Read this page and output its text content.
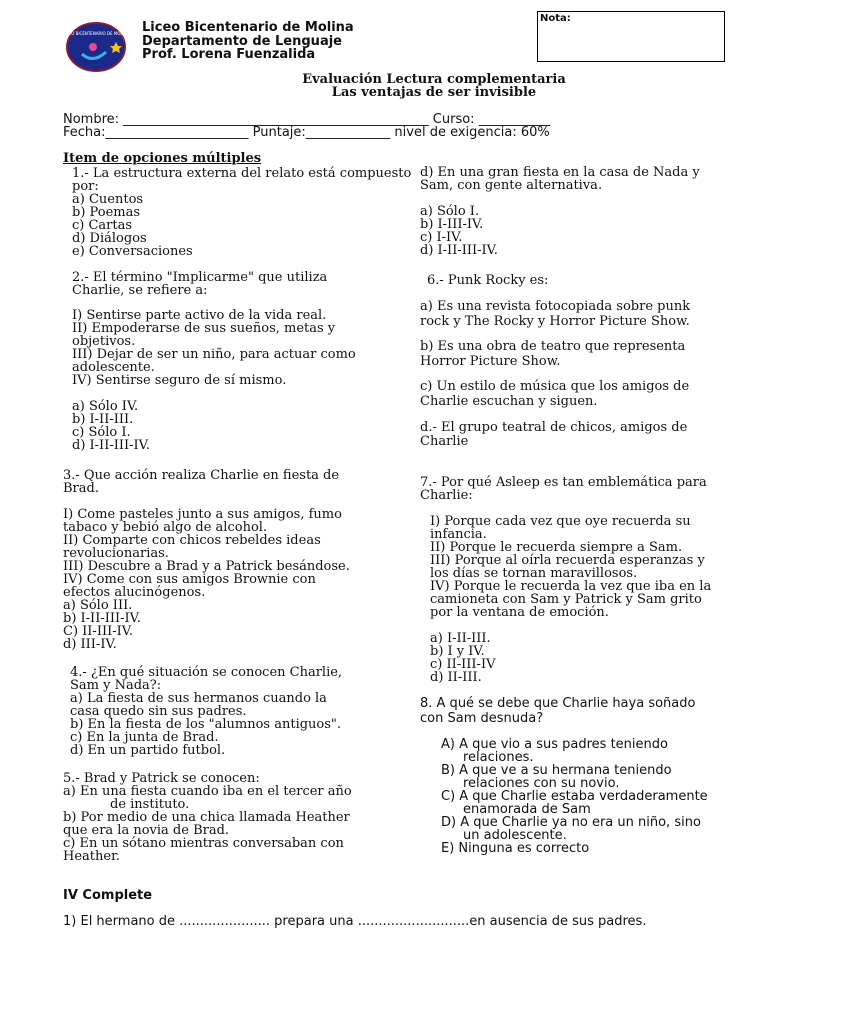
LICEO BICENTENARIO DE MOLINA Liceo Bicentenario de Molina
Departamento de Lenguaje
Prof. Lorena Fuenzalida
Nota:
Evaluación Lectura complementaria
Las ventajas de ser invisible
Nombre: _______________________________________________ Curso: ___________
Fecha:______________________ Puntaje:_____________ nivel de exigencia: 60%
Item de opciones múltiples
1.- La estructura externa del relato está compuesto
por:
a) Cuentos
b) Poemas
c) Cartas
d) Diálogos
e) Conversaciones
2.- El término "Implicarme" que utiliza
Charlie, se refiere a:
I) Sentirse parte activo de la vida real.
II) Empoderarse de sus sueños, metas y
objetivos.
III) Dejar de ser un niño, para actuar como
adolescente.
IV) Sentirse seguro de sí mismo.
a) Sólo IV.
b) I-II-III.
c) Sólo I.
d) I-II-III-IV.
3.- Que acción realiza Charlie en fiesta de
Brad.
I) Come pasteles junto a sus amigos, fumo
tabaco y bebió algo de alcohol.
II) Comparte con chicos rebeldes ideas
revolucionarias.
III) Descubre a Brad y a Patrick besándose.
IV) Come con sus amigos Brownie con
efectos alucinógenos.
a) Sólo III.
b) I-II-III-IV.
C) II-III-IV.
d) III-IV.
4.- ¿En qué situación se conocen Charlie,
Sam y Nada?:
a) La fiesta de sus hermanos cuando la
casa quedo sin sus padres.
b) En la fiesta de los "alumnos antiguos".
c) En la junta de Brad.
d) En un partido futbol.
5.- Brad y Patrick se conocen:
a) En una fiesta cuando iba en el tercer año
de instituto.
b) Por medio de una chica llamada Heather
que era la novia de Brad.
c) En un sótano mientras conversaban con
Heather.
d) En una gran fiesta en la casa de Nada y
Sam, con gente alternativa.
a) Sólo I.
b) I-III-IV.
c) I-IV.
d) I-II-III-IV.
6.- Punk Rocky es:
a) Es una revista fotocopiada sobre punk
rock y The Rocky y Horror Picture Show.
b) Es una obra de teatro que representa
Horror Picture Show.
c) Un estilo de música que los amigos de
Charlie escuchan y siguen.
d.- El grupo teatral de chicos, amigos de
Charlie
7.- Por qué Asleep es tan emblemática para
Charlie:
I) Porque cada vez que oye recuerda su
infancia.
II) Porque le recuerda siempre a Sam.
III) Porque al oírla recuerda esperanzas y
los días se tornan maravillosos.
IV) Porque le recuerda la vez que iba en la
camioneta con Sam y Patrick y Sam grito
por la ventana de emoción.
a) I-II-III.
b) I y IV.
c) II-III-IV
d) II-III.
8. A qué se debe que Charlie haya soñado
con Sam desnuda?
A) A que vio a sus padres teniendo
relaciones.
B) A que ve a su hermana teniendo
relaciones con su novio.
C) A que Charlie estaba verdaderamente
enamorada de Sam
D) A que Charlie ya no era un niño, sino
un adolescente.
E) Ninguna es correcto
IV Complete
1) El hermano de ...................... prepara una ...........................en ausencia de sus padres.
